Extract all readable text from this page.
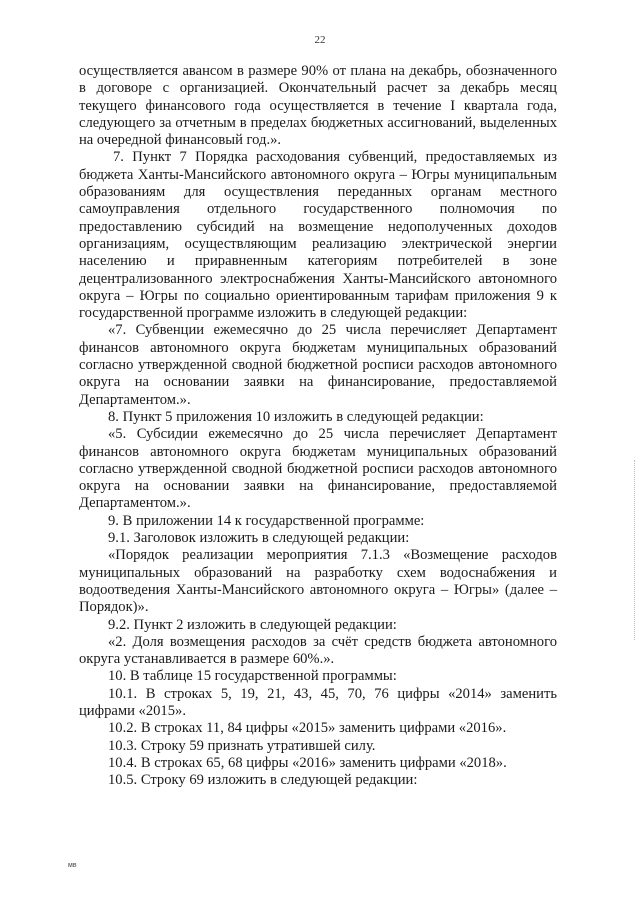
22

осуществляется авансом в размере 90% от плана на декабрь, обозначенного в договоре с организацией. Окончательный расчет за декабрь месяц текущего финансового года осуществляется в течение I квартала года, следующего за отчетным в пределах бюджетных ассигнований, выделенных на очередной финансовый год.».

7. Пункт 7 Порядка расходования субвенций, предоставляемых из бюджета Ханты-Мансийского автономного округа – Югры муниципальным образованиям для осуществления переданных органам местного самоуправления отдельного государственного полномочия по предоставлению субсидий на возмещение недополученных доходов организациям, осуществляющим реализацию электрической энергии населению и приравненным категориям потребителей в зоне децентрализованного электроснабжения Ханты-Мансийского автономного округа – Югры по социально ориентированным тарифам приложения 9 к государственной программе изложить в следующей редакции:

«7. Субвенции ежемесячно до 25 числа перечисляет Департамент финансов автономного округа бюджетам муниципальных образований согласно утвержденной сводной бюджетной росписи расходов автономного округа на основании заявки на финансирование, предоставляемой Департаментом.».

8. Пункт 5 приложения 10 изложить в следующей редакции:

«5. Субсидии ежемесячно до 25 числа перечисляет Департамент финансов автономного округа бюджетам муниципальных образований согласно утвержденной сводной бюджетной росписи расходов автономного округа на основании заявки на финансирование, предоставляемой Департаментом.».

9. В приложении 14 к государственной программе:

9.1. Заголовок изложить в следующей редакции:

«Порядок реализации мероприятия 7.1.3 «Возмещение расходов муниципальных образований на разработку схем водоснабжения и водоотведения Ханты-Мансийского автономного округа – Югры» (далее – Порядок)».

9.2. Пункт 2 изложить в следующей редакции:

«2. Доля возмещения расходов за счёт средств бюджета автономного округа устанавливается в размере 60%.».

10. В таблице 15 государственной программы:

10.1. В строках 5, 19, 21, 43, 45, 70, 76 цифры «2014» заменить цифрами «2015».

10.2. В строках 11, 84 цифры «2015» заменить цифрами «2016».

10.3. Строку 59 признать утратившей силу.

10.4. В строках 65, 68 цифры «2016» заменить цифрами «2018».

10.5. Строку 69 изложить в следующей редакции:

мв
